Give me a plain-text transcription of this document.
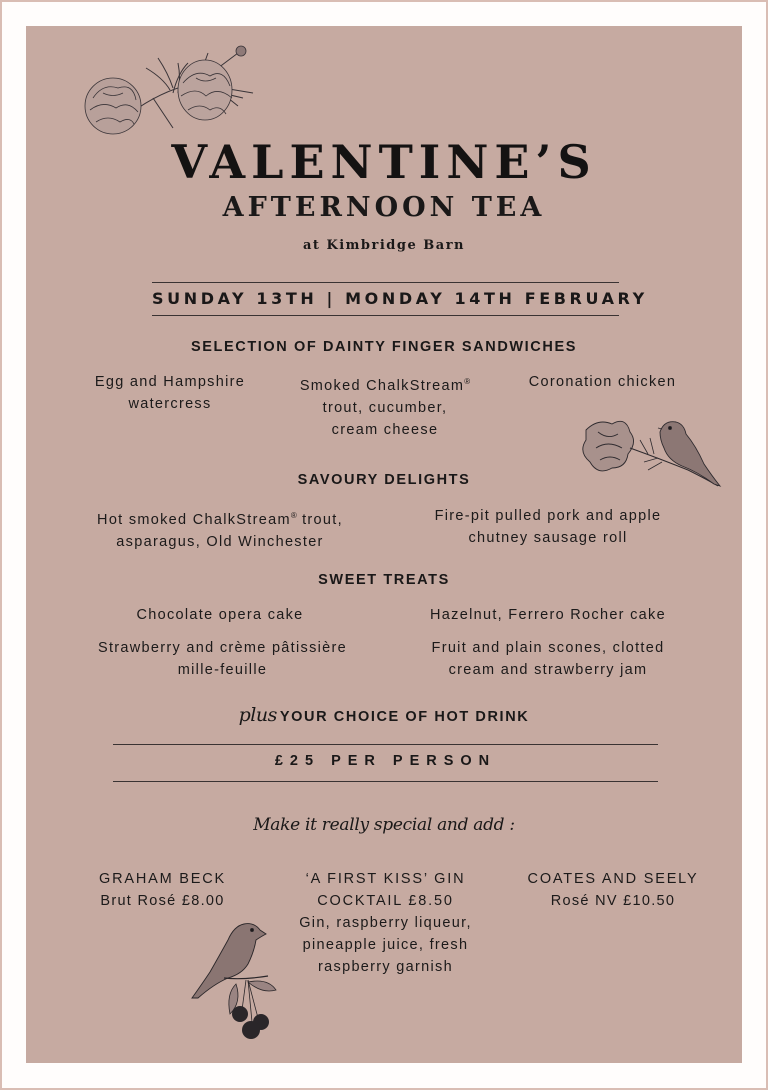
VALENTINE’S
AFTERNOON TEA
at Kimbridge Barn
SUNDAY 13TH | MONDAY 14TH FEBRUARY
SELECTION OF DAINTY FINGER SANDWICHES
Egg and Hampshire
watercress
Smoked ChalkStream®
trout, cucumber,
cream cheese
Coronation chicken
SAVOURY DELIGHTS
Hot smoked ChalkStream® trout,
asparagus, Old Winchester
Fire-pit pulled pork and apple
chutney sausage roll
SWEET TREATS
Chocolate opera cake	Hazelnut, Ferrero Rocher cake
Strawberry and crème pâtissière
mille-feuille
Fruit and plain scones, clotted
cream and strawberry jam
plus YOUR CHOICE OF HOT DRINK
£25 PER PERSON
Make it really special and add :
GRAHAM BECK
Brut Rosé £8.00
‘A FIRST KISS’ GIN
COCKTAIL £8.50
Gin, raspberry liqueur,
pineapple juice, fresh
raspberry garnish
COATES AND SEELY
Rosé NV £10.50
